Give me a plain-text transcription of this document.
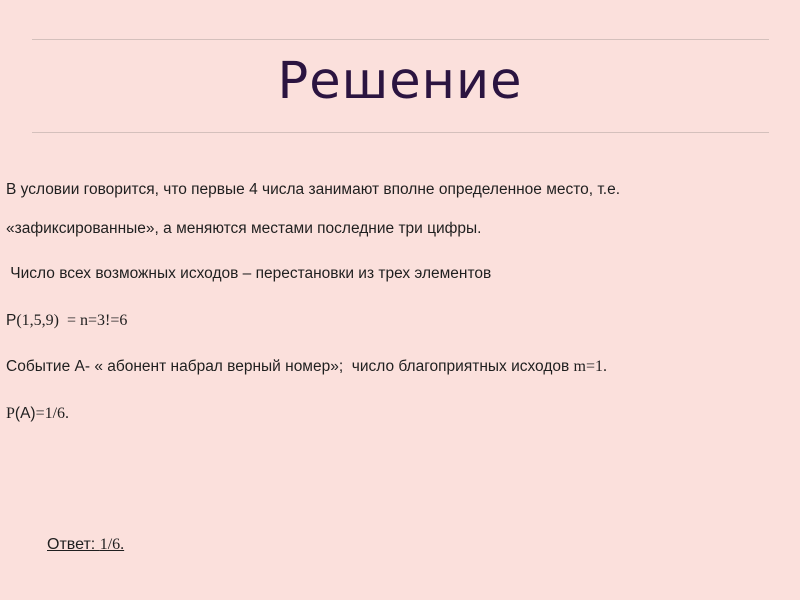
Решение
В условии говорится, что первые 4 числа занимают вполне определенное место, т.е.
«зафиксированные», а меняются местами последние три цифры.
Число всех возможных исходов – перестановки из трех элементов
Р(1,5,9)  = n=3!=6
Событие А- « абонент набрал верный номер»;  число благоприятных исходов m=1.
Р(А)=1/6.
Ответ: 1/6.
